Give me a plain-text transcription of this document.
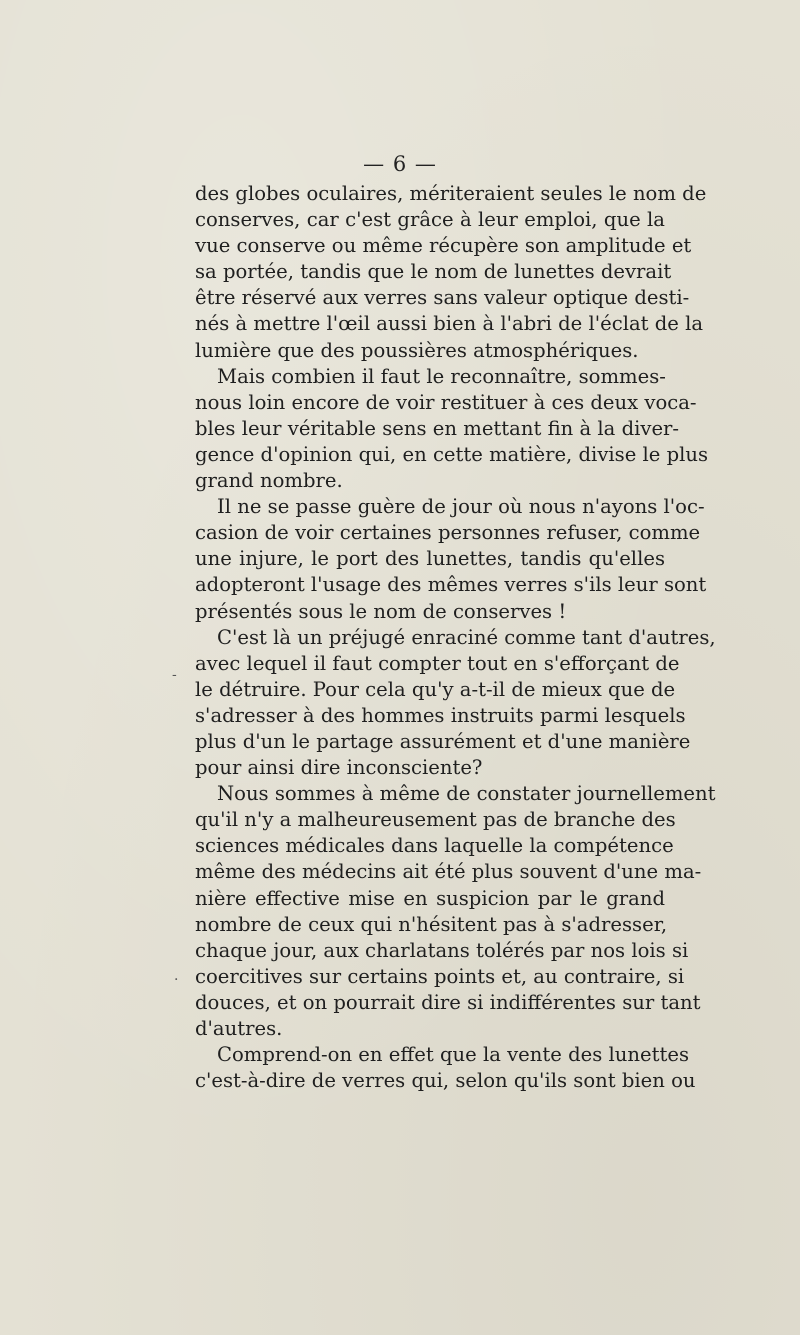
— 6 —
des globes oculaires, mériteraient seules le nom de
conserves, car c'est grâce à leur emploi, que la
vue conserve ou même récupère son amplitude et
sa portée, tandis que le nom de lunettes devrait
être réservé aux verres sans valeur optique desti-
nés à mettre l'œil aussi bien à l'abri de l'éclat de la
lumière que des poussières atmosphériques.
Mais combien il faut le reconnaître, sommes-
nous loin encore de voir restituer à ces deux voca-
bles leur véritable sens en mettant fin à la diver-
gence d'opinion qui, en cette matière, divise le plus
grand nombre.
Il ne se passe guère de jour où nous n'ayons l'oc-
casion de voir certaines personnes refuser, comme
une injure, le port des lunettes, tandis qu'elles
adopteront l'usage des mêmes verres s'ils leur sont
présentés sous le nom de conserves !
C'est là un préjugé enraciné comme tant d'autres,
avec lequel il faut compter tout en s'efforçant de
le détruire. Pour cela qu'y a-t-il de mieux que de
s'adresser à des hommes instruits parmi lesquels
plus d'un le partage assurément et d'une manière
pour ainsi dire inconsciente?
Nous sommes à même de constater journellement
qu'il n'y a malheureusement pas de branche des
sciences médicales dans laquelle la compétence
même des médecins ait été plus souvent d'une ma-
nière effective mise en suspicion par le grand
nombre de ceux qui n'hésitent pas à s'adresser,
chaque jour, aux charlatans tolérés par nos lois si
coercitives sur certains points et, au contraire, si
douces, et on pourrait dire si indifférentes sur tant
d'autres.
Comprend-on en effet que la vente des lunettes
c'est-à-dire de verres qui, selon qu'ils sont bien ou
-
·
